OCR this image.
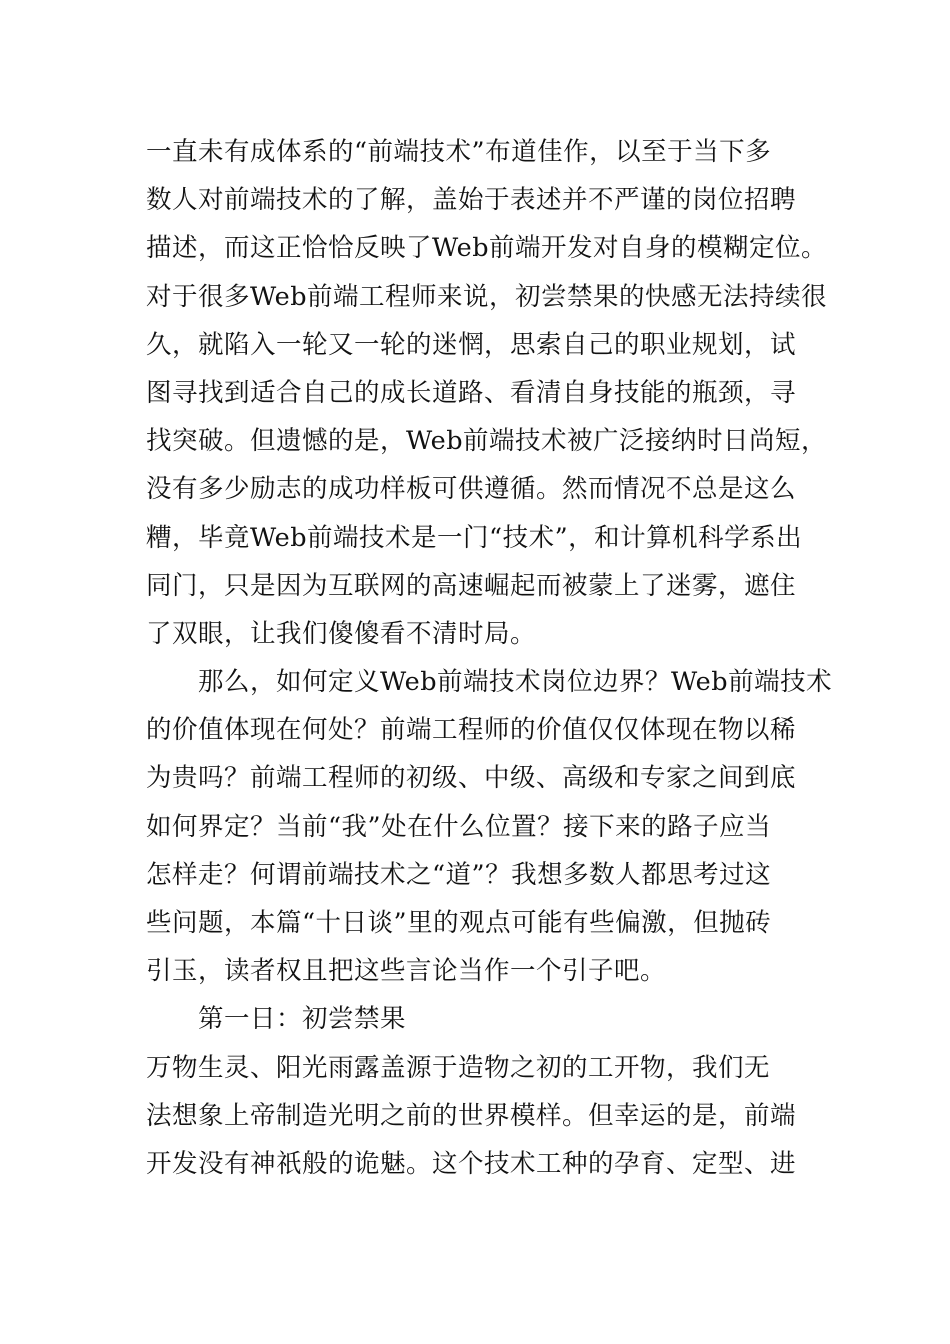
一直未有成体系的“前端技术”布道佳作，以至于当下多
数人对前端技术的了解，盖始于表述并不严谨的岗位招聘
描述，而这正恰恰反映了Web前端开发对自身的模糊定位。
对于很多Web前端工程师来说，初尝禁果的快感无法持续很
久，就陷入一轮又一轮的迷惘，思索自己的职业规划，试
图寻找到适合自己的成长道路、看清自身技能的瓶颈，寻
找突破。但遗憾的是，Web前端技术被广泛接纳时日尚短，
没有多少励志的成功样板可供遵循。然而情况不总是这么
糟，毕竟Web前端技术是一门“技术”，和计算机科学系出
同门，只是因为互联网的高速崛起而被蒙上了迷雾，遮住
了双眼，让我们傻傻看不清时局。
那么，如何定义Web前端技术岗位边界？Web前端技术
的价值体现在何处？前端工程师的价值仅仅体现在物以稀
为贵吗？前端工程师的初级、中级、高级和专家之间到底
如何界定？当前“我”处在什么位置？接下来的路子应当
怎样走？何谓前端技术之“道”？我想多数人都思考过这
些问题，本篇“十日谈”里的观点可能有些偏激，但抛砖
引玉，读者权且把这些言论当作一个引子吧。
第一日：初尝禁果
万物生灵、阳光雨露盖源于造物之初的工开物，我们无
法想象上帝制造光明之前的世界模样。但幸运的是，前端
开发没有神祇般的诡魅。这个技术工种的孕育、定型、进
